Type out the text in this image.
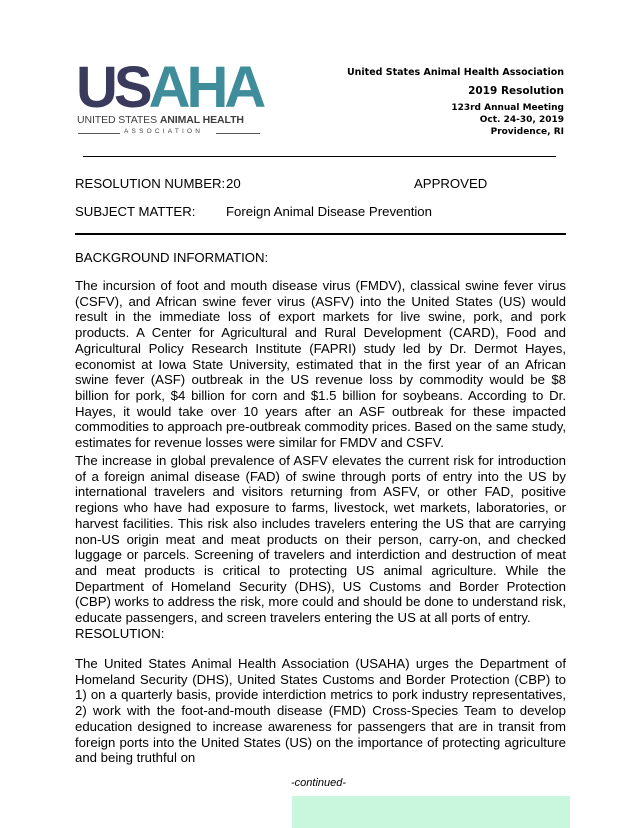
USAHA
UNITED STATES ANIMAL HEALTH
ASSOCIATION
United States Animal Health Association
2019 Resolution
123rd Annual Meeting
Oct. 24-30, 2019
Providence, RI
RESOLUTION NUMBER: 20	APPROVED
SUBJECT MATTER: Foreign Animal Disease Prevention
BACKGROUND INFORMATION:
The incursion of foot and mouth disease virus (FMDV), classical swine fever virus (CSFV), and African swine fever virus (ASFV) into the United States (US) would result in the immediate loss of export markets for live swine, pork, and pork products. A Center for Agricultural and Rural Development (CARD), Food and Agricultural Policy Research Institute (FAPRI) study led by Dr. Dermot Hayes, economist at Iowa State University, estimated that in the first year of an African swine fever (ASF) outbreak in the US revenue loss by commodity would be $8 billion for pork, $4 billion for corn and $1.5 billion for soybeans. According to Dr. Hayes, it would take over 10 years after an ASF outbreak for these impacted commodities to approach pre-outbreak commodity prices. Based on the same study, estimates for revenue losses were similar for FMDV and CSFV.
The increase in global prevalence of ASFV elevates the current risk for introduction of a foreign animal disease (FAD) of swine through ports of entry into the US by international travelers and visitors returning from ASFV, or other FAD, positive regions who have had exposure to farms, livestock, wet markets, laboratories, or harvest facilities. This risk also includes travelers entering the US that are carrying non-US origin meat and meat products on their person, carry-on, and checked luggage or parcels. Screening of travelers and interdiction and destruction of meat and meat products is critical to protecting US animal agriculture. While the Department of Homeland Security (DHS), US Customs and Border Protection (CBP) works to address the risk, more could and should be done to understand risk, educate passengers, and screen travelers entering the US at all ports of entry.
RESOLUTION:
The United States Animal Health Association (USAHA) urges the Department of Homeland Security (DHS), United States Customs and Border Protection (CBP) to 1) on a quarterly basis, provide interdiction metrics to pork industry representatives, 2) work with the foot-and-mouth disease (FMD) Cross-Species Team to develop education designed to increase awareness for passengers that are in transit from foreign ports into the United States (US) on the importance of protecting agriculture and being truthful on
-continued-
